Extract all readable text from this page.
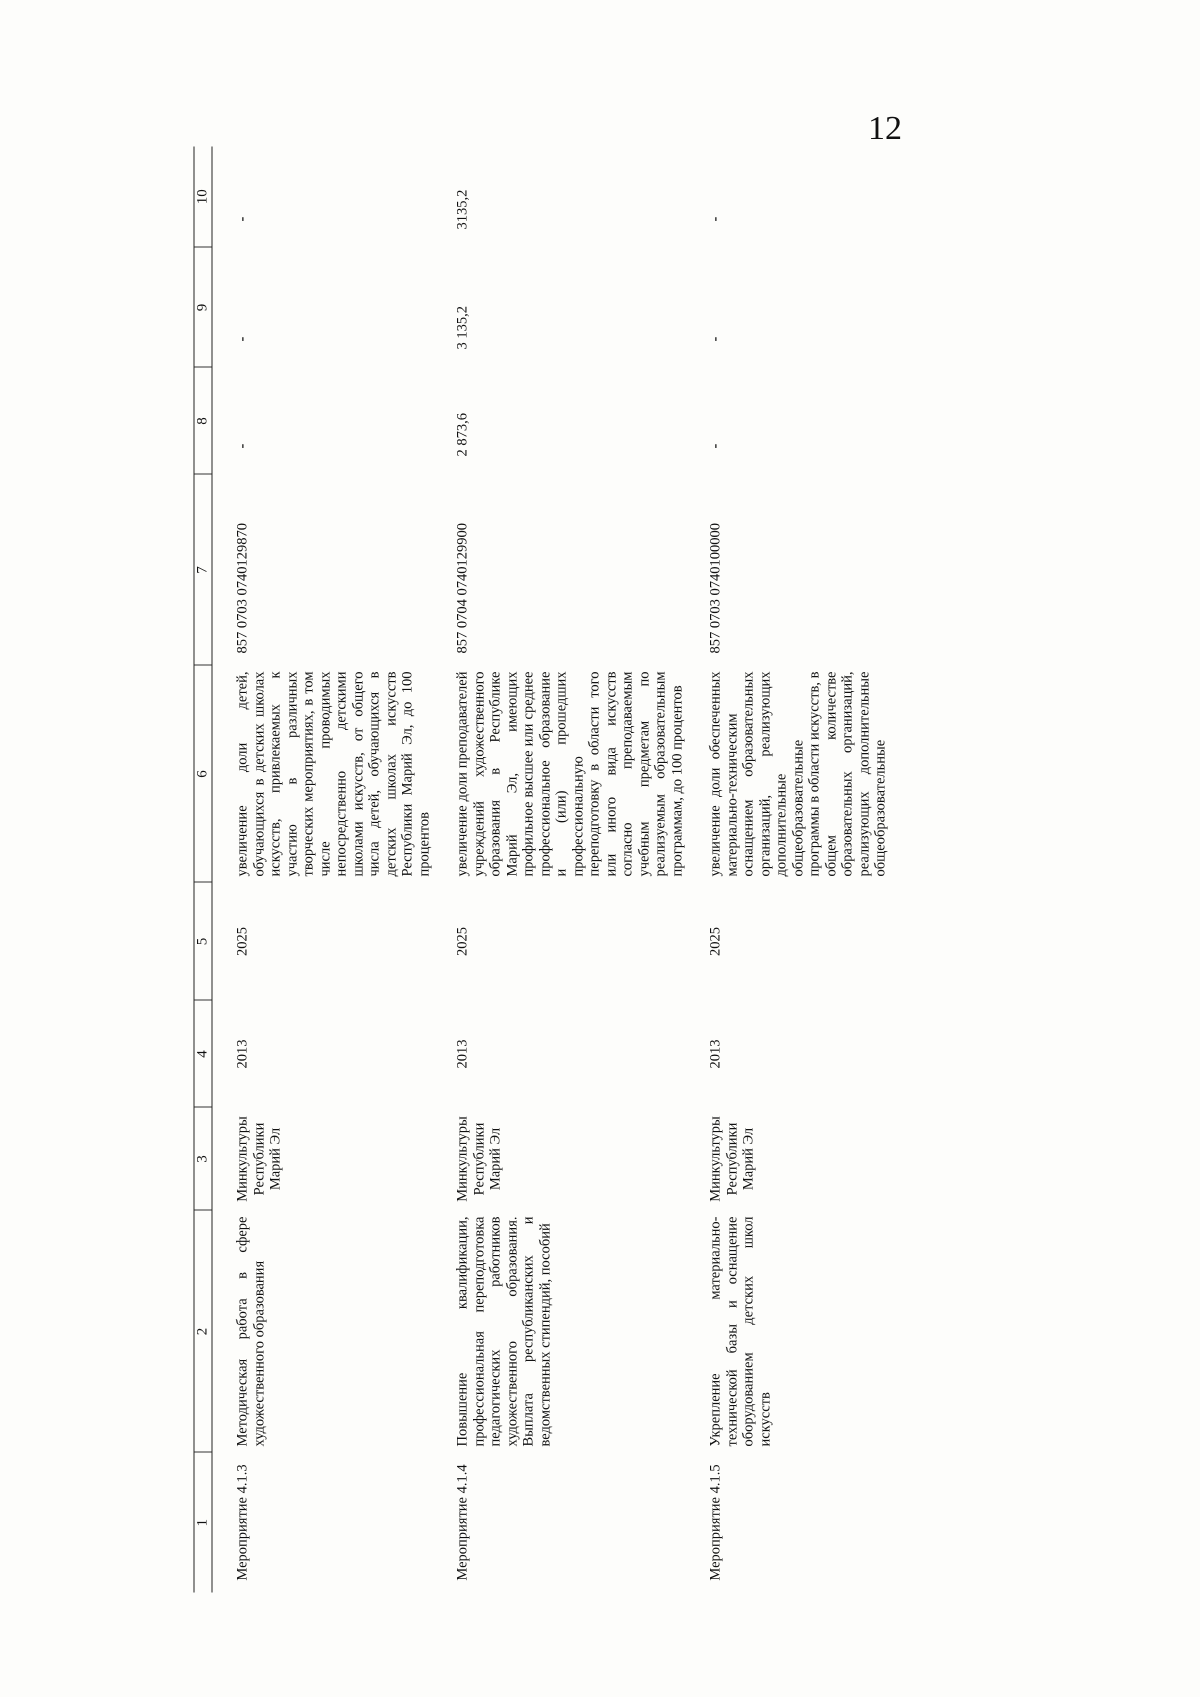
12
1	2	3	4	5	6	7	8	9	10
Мероприятие 4.1.3	Методическая работа в сфере художественного образования	Минкультуры Республики Марий Эл	2013	2025	увеличение доли детей, обучающихся в детских школах искусств, привлекаемых к участию в различных творческих мероприятиях, в том числе проводимых непосредственно детскими школами искусств, от общего числа детей, обучающихся в детских школах искусств Республики Марий Эл, до 100 процентов	857 0703 0740129870	-	-	-
Мероприятие 4.1.4	Повышение квалификации, профессиональная переподготовка педагогических работников художественного образования. Выплата республиканских и ведомственных стипендий, пособий	Минкультуры Республики Марий Эл	2013	2025	увеличение доли преподавателей учреждений художественного образования в Республике Марий Эл, имеющих профильное высшее или среднее профессиональное образование и (или) прошедших профессиональную переподготовку в области того или иного вида искусств согласно преподаваемым учебным предметам по реализуемым образовательным программам, до 100 процентов	857 0704 0740129900	2 873,6	3 135,2	3135,2
Мероприятие 4.1.5	Укрепление материально-технической базы и оснащение оборудованием детских школ искусств	Минкультуры Республики Марий Эл	2013	2025	увеличение доли обеспеченных материально-техническим оснащением образовательных организаций, реализующих дополнительные общеобразовательные программы в области искусств, в общем количестве образовательных организаций, реализующих дополнительные общеобразовательные	857 0703 0740100000	-	-	-
